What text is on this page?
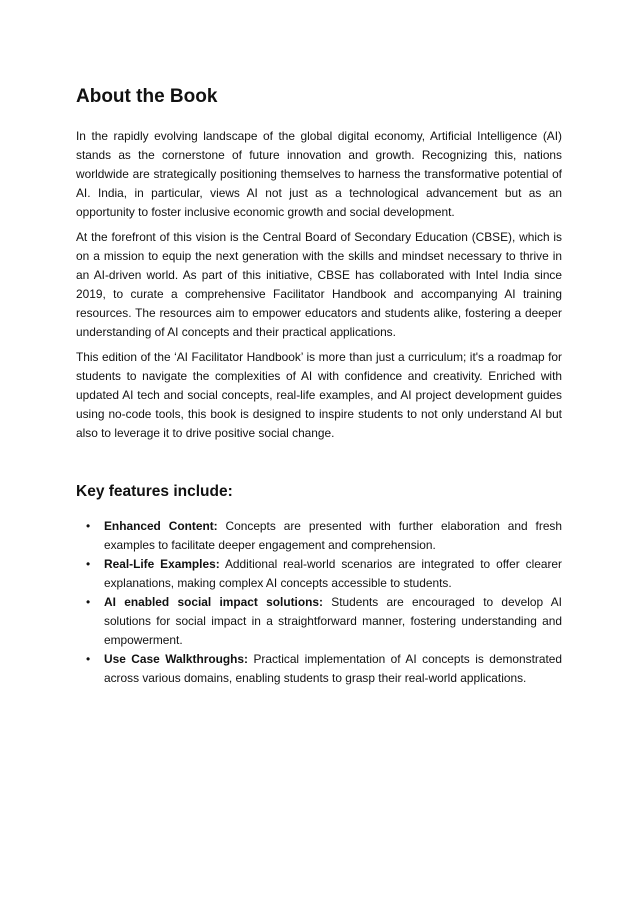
About the Book

In the rapidly evolving landscape of the global digital economy, Artificial Intelligence (AI) stands as the cornerstone of future innovation and growth. Recognizing this, nations worldwide are strategically positioning themselves to harness the transformative potential of AI. India, in particular, views AI not just as a technological advancement but as an opportunity to foster inclusive economic growth and social development.

At the forefront of this vision is the Central Board of Secondary Education (CBSE), which is on a mission to equip the next generation with the skills and mindset necessary to thrive in an AI-driven world. As part of this initiative, CBSE has collaborated with Intel India since 2019, to curate a comprehensive Facilitator Handbook and accompanying AI training resources. The resources aim to empower educators and students alike, fostering a deeper understanding of AI concepts and their practical applications.

This edition of the ‘AI Facilitator Handbook’ is more than just a curriculum; it's a roadmap for students to navigate the complexities of AI with confidence and creativity. Enriched with updated AI tech and social concepts, real-life examples, and AI project development guides using no-code tools, this book is designed to inspire students to not only understand AI but also to leverage it to drive positive social change.

Key features include:
• Enhanced Content: Concepts are presented with further elaboration and fresh examples to facilitate deeper engagement and comprehension.
• Real-Life Examples: Additional real-world scenarios are integrated to offer clearer explanations, making complex AI concepts accessible to students.
• AI enabled social impact solutions: Students are encouraged to develop AI solutions for social impact in a straightforward manner, fostering understanding and empowerment.
• Use Case Walkthroughs: Practical implementation of AI concepts is demonstrated across various domains, enabling students to grasp their real-world applications.
